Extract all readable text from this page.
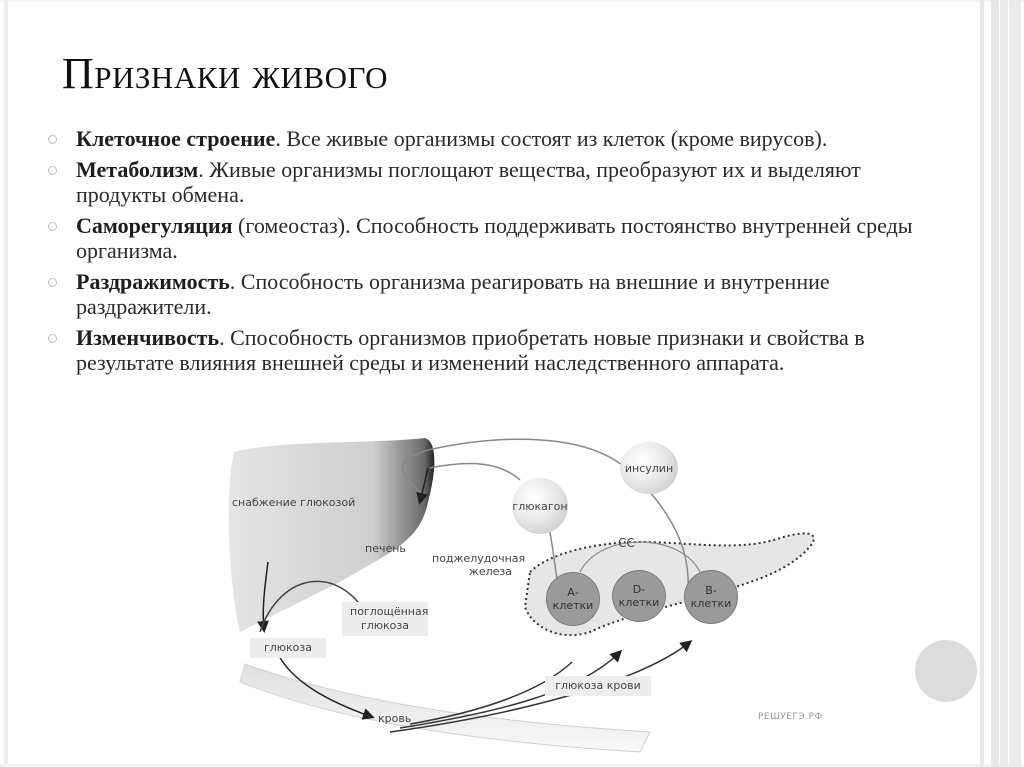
Признаки живого
Клеточное строение. Все живые организмы состоят из клеток (кроме вирусов).
Метаболизм. Живые организмы поглощают вещества, преобразуют их и выделяют продукты обмена.
Саморегуляция (гомеостаз). Способность поддерживать постоянство внутренней среды организма.
Раздражимость. Способность организма реагировать на внешние и внутренние раздражители.
Изменчивость. Способность организмов приобретать новые признаки и свойства в результате влияния внешней среды и изменений наследственного аппарата.
снабжение глюкозой
печень
поджелудочная железа
глюкагон
инсулин
СС
А-клетки
D-клетки
В-клетки
поглощённая глюкоза
глюкоза
кровь
глюкоза крови
РЕШУЕГЭ.РФ
